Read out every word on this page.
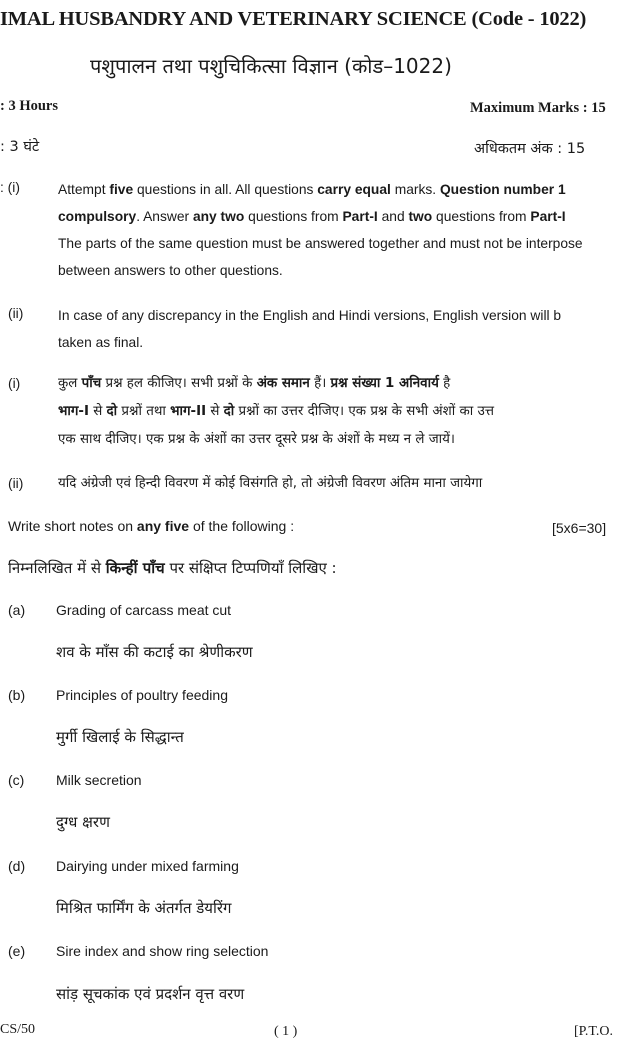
IMAL HUSBANDRY AND VETERINARY SCIENCE (Code - 1022)
पशुपालन तथा पशुचिकित्सा विज्ञान (कोड–1022)
: 3 Hours	Maximum Marks : 15
: 3 घंटे	अधिकतम अंक : 15
: (i)	Attempt five questions in all. All questions carry equal marks. Question number 1
compulsory. Answer any two questions from Part-I and two questions from Part-I
The parts of the same question must be answered together and must not be interpose
between answers to other questions.
(ii)	In case of any discrepancy in the English and Hindi versions, English version will b
taken as final.
(i)	कुल पाँच प्रश्न हल कीजिए। सभी प्रश्नों के अंक समान हैं। प्रश्न संख्या 1 अनिवार्य है
भाग-I से दो प्रश्नों तथा भाग-II से दो प्रश्नों का उत्तर दीजिए। एक प्रश्न के सभी अंशों का उत्त
एक साथ दीजिए। एक प्रश्न के अंशों का उत्तर दूसरे प्रश्न के अंशों के मध्य न ले जायें।
(ii)	यदि अंग्रेजी एवं हिन्दी विवरण में कोई विसंगति हो, तो अंग्रेजी विवरण अंतिम माना जायेगा
Write short notes on any five of the following :	[5x6=30]
निम्नलिखित में से किन्हीं पाँच पर संक्षिप्त टिप्पणियाँ लिखिए :
(a) Grading of carcass meat cut
शव के माँस की कटाई का श्रेणीकरण
(b) Principles of poultry feeding
मुर्गी खिलाई के सिद्धान्त
(c) Milk secretion
दुग्ध क्षरण
(d) Dairying under mixed farming
मिश्रित फार्मिंग के अंतर्गत डेयरिंग
(e) Sire index and show ring selection
सांड़ सूचकांक एवं प्रदर्शन वृत्त वरण
CS/50	( 1 )	[P.T.O.
